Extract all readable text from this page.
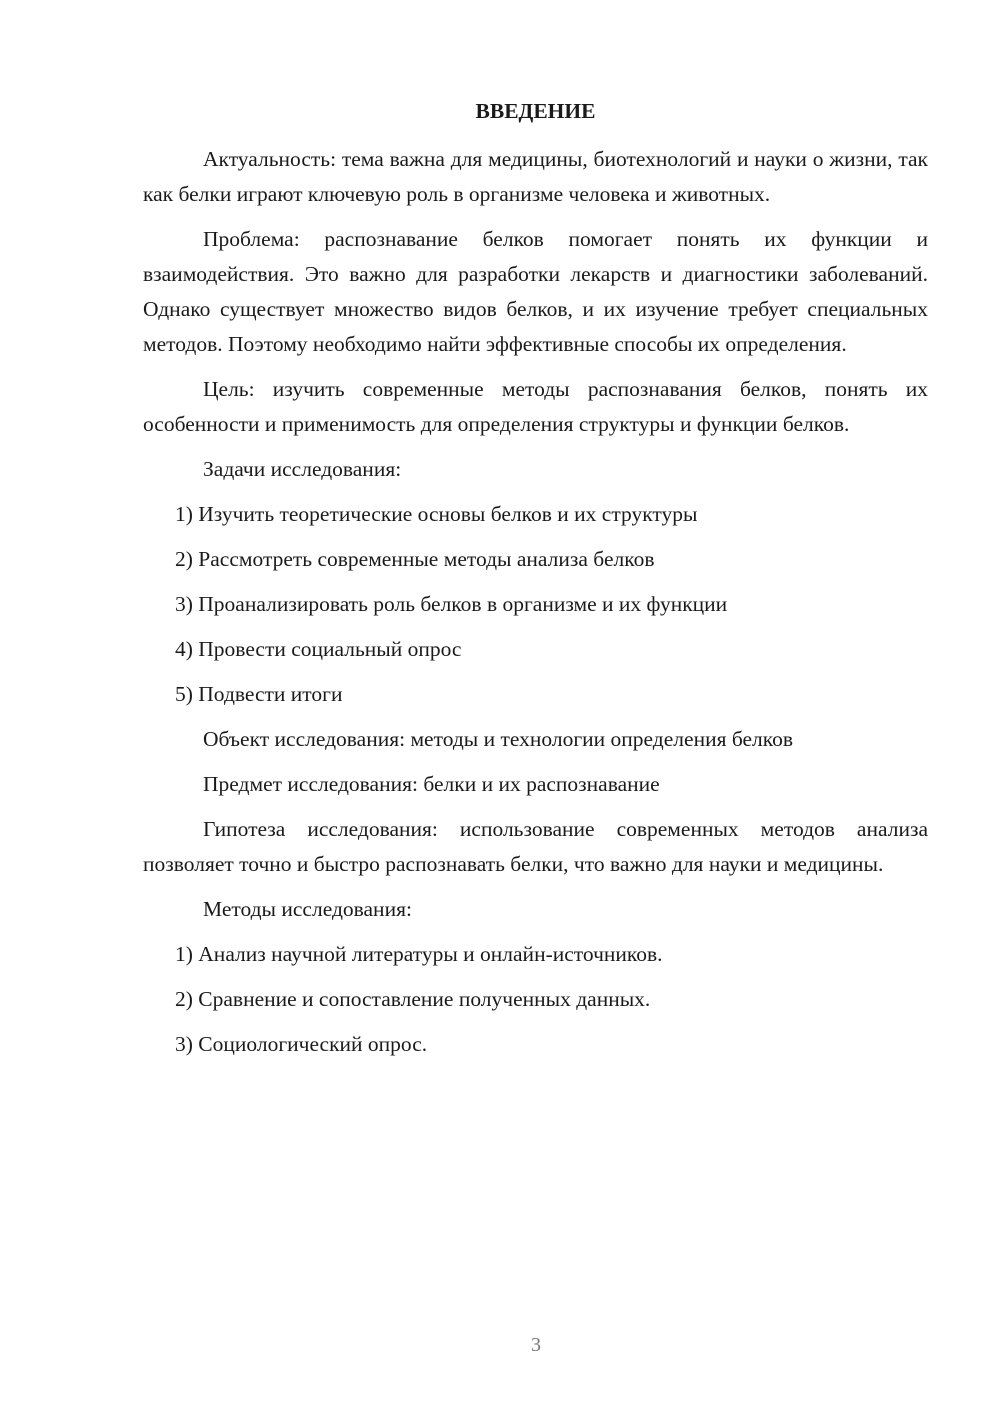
ВВЕДЕНИЕ

Актуальность: тема важна для медицины, биотехнологий и науки о жизни, так как белки играют ключевую роль в организме человека и животных.

Проблема: распознавание белков помогает понять их функции и взаимодействия. Это важно для разработки лекарств и диагностики заболеваний. Однако существует множество видов белков, и их изучение требует специальных методов. Поэтому необходимо найти эффективные способы их определения.

Цель: изучить современные методы распознавания белков, понять их особенности и применимость для определения структуры и функции белков.

Задачи исследования:

1) Изучить теоретические основы белков и их структуры

2) Рассмотреть современные методы анализа белков

3) Проанализировать роль белков в организме и их функции

4) Провести социальный опрос

5) Подвести итоги

Объект исследования: методы и технологии определения белков

Предмет исследования: белки и их распознавание

Гипотеза исследования: использование современных методов анализа позволяет точно и быстро распознавать белки, что важно для науки и медицины.

Методы исследования:

1) Анализ научной литературы и онлайн-источников.

2) Сравнение и сопоставление полученных данных.

3) Социологический опрос.

3
